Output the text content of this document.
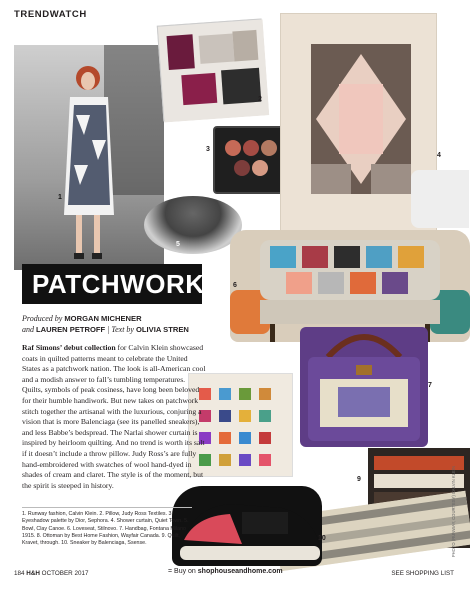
TRENDWATCH
1
2
3
5
4
6
7
9
10
PATCHWORK
Produced by MORGAN MICHENER
and LAUREN PETROFF | Text by OLIVIA STREN
Raf Simons’ debut collection for Calvin Klein showcased coats in quilted patterns meant to celebrate the United States as a patchwork nation. The look is all-American cool and a modish answer to fall’s tumbling temperatures. Quilts, symbols of peak cosiness, have long been beloved for their humble handiwork. But new takes on patchwork stitch together the artisanal with the luxurious, conjuring a vision that is more Balenciaga (see its panelled sneakers), and less Babbe’s bedspread. The Narlai shower curtain is inspired by heirloom quilting. And no trend is worth its salt if it doesn’t include a throw pillow. Judy Ross’s are fully hand-embroidered with swatches of wool hand-dyed in shades of cream and claret. The style is of the moment, but the spirit is steeped in history.
1. Runway fashion, Calvin Klein. 2. Pillow, Judy Ross Textiles. 3. Eyeshadow palette by Dior, Sephora. 4. Shower curtain, Quiet Town. 5. Bowl, Clay Canoe. 6. Loveseat, Stilnovo. 7. Handbag, Fontana Milano 1915. 8. Ottoman by Best Home Fashion, Wayfair Canada. 9. Quilt, Kravet, through. 10. Sneaker by Balenciaga, Ssense.	PHOTO (RUNWAY, COURTESY) CALVIN KLEIN
184 H&H OCTOBER 2017	= Buy on shophouseandhome.com	SEE SHOPPING LIST
